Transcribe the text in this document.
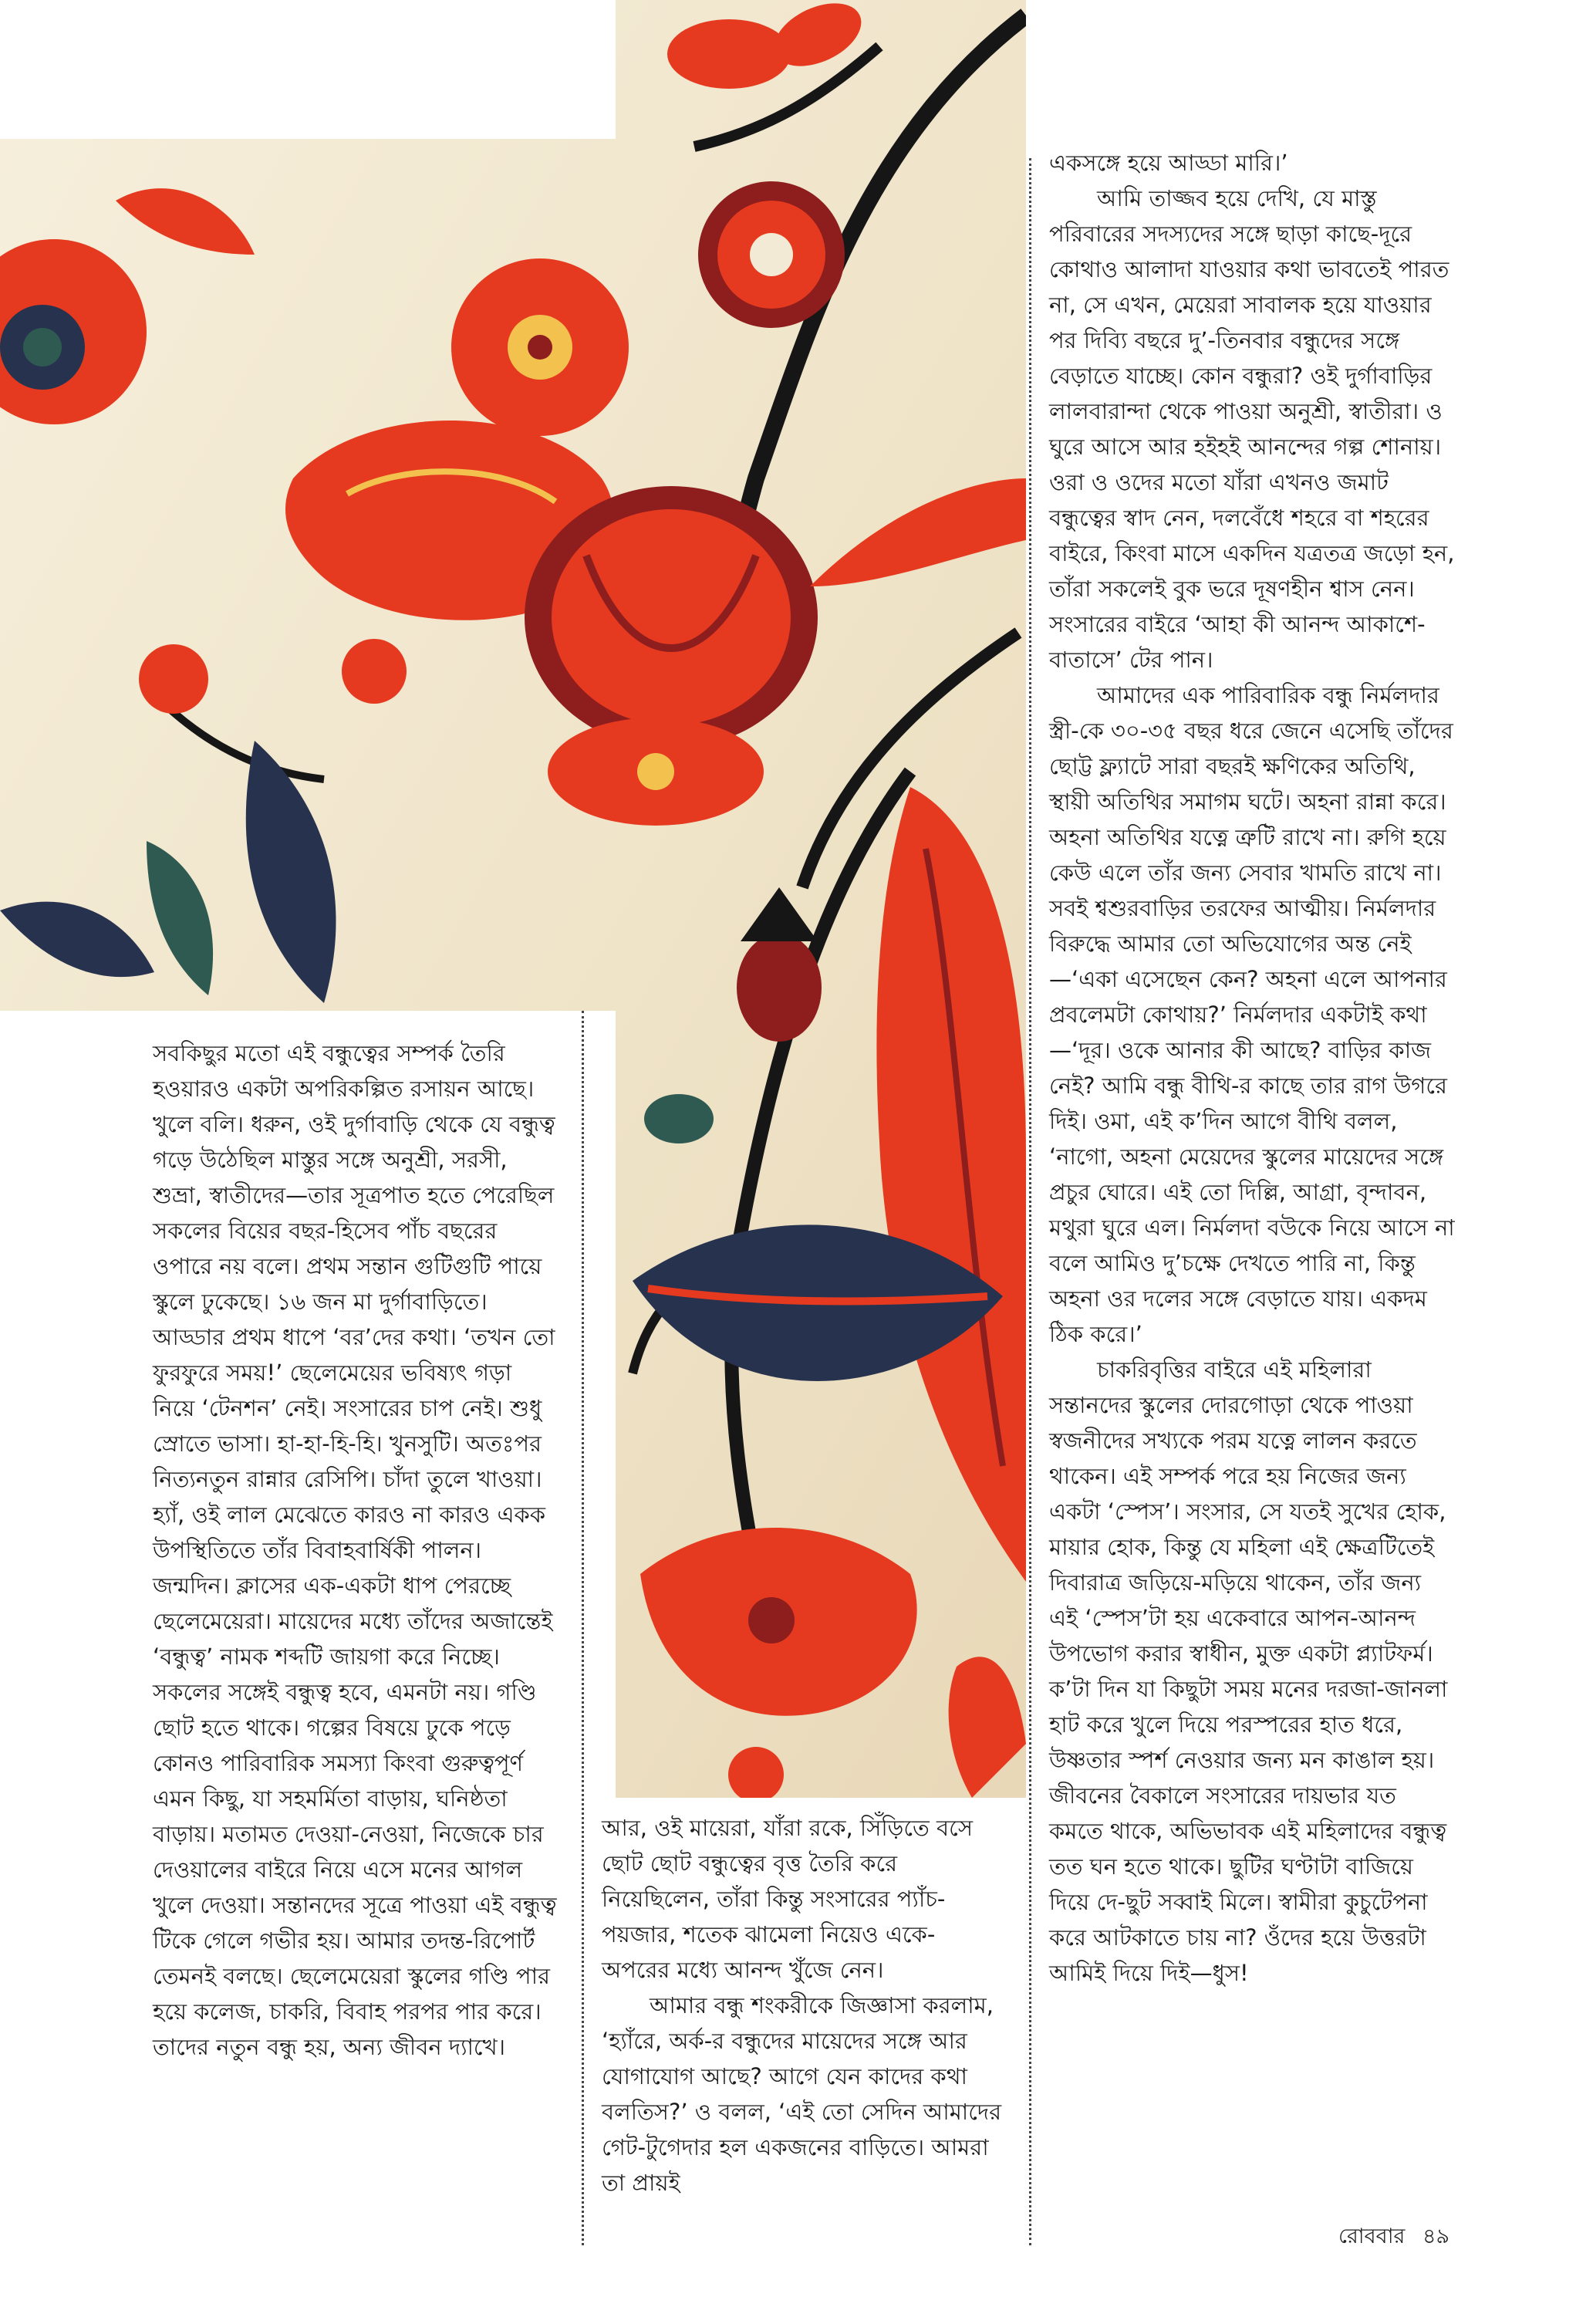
সবকিছুর মতো এই বন্ধুত্বের সম্পর্ক তৈরি হওয়ারও একটা অপরিকল্পিত রসায়ন আছে। খুলে বলি। ধরুন, ওই দুর্গাবাড়ি থেকে যে বন্ধুত্ব গড়ে উঠেছিল মাস্তুর সঙ্গে অনুশ্রী, সরসী, শুভ্রা, স্বাতীদের—তার সূত্রপাত হতে পেরেছিল সকলের বিয়ের বছর-হিসেব পাঁচ বছরের ওপারে নয় বলে। প্রথম সন্তান গুটিগুটি পায়ে স্কুলে ঢুকেছে। ১৬ জন মা দুর্গাবাড়িতে। আড্ডার প্রথম ধাপে ‘বর’দের কথা। ‘তখন তো ফুরফুরে সময়!’ ছেলেমেয়ের ভবিষ্যৎ গড়া নিয়ে ‘টেনশন’ নেই। সংসারের চাপ নেই। শুধু স্রোতে ভাসা। হা-হা-হি-হি। খুনসুটি। অতঃপর নিত্যনতুন রান্নার রেসিপি। চাঁদা তুলে খাওয়া। হ্যাঁ, ওই লাল মেঝেতে কারও না কারও একক উপস্থিতিতে তাঁর বিবাহবার্ষিকী পালন। জন্মদিন। ক্লাসের এক-একটা ধাপ পেরচ্ছে ছেলেমেয়েরা। মায়েদের মধ্যে তাঁদের অজান্তেই ‘বন্ধুত্ব’ নামক শব্দটি জায়গা করে নিচ্ছে। সকলের সঙ্গেই বন্ধুত্ব হবে, এমনটা নয়। গণ্ডি ছোট হতে থাকে। গল্পের বিষয়ে ঢুকে পড়ে কোনও পারিবারিক সমস্যা কিংবা গুরুত্বপূর্ণ এমন কিছু, যা সহমর্মিতা বাড়ায়, ঘনিষ্ঠতা বাড়ায়। মতামত দেওয়া-নেওয়া, নিজেকে চার দেওয়ালের বাইরে নিয়ে এসে মনের আগল খুলে দেওয়া। সন্তানদের সূত্রে পাওয়া এই বন্ধুত্ব টিকে গেলে গভীর হয়। আমার তদন্ত-রিপোর্ট তেমনই বলছে। ছেলেমেয়েরা স্কুলের গণ্ডি পার হয়ে কলেজ, চাকরি, বিবাহ পরপর পার করে। তাদের নতুন বন্ধু হয়, অন্য জীবন দ্যাখে।

আর, ওই মায়েরা, যাঁরা রকে, সিঁড়িতে বসে ছোট ছোট বন্ধুত্বের বৃত্ত তৈরি করে নিয়েছিলেন, তাঁরা কিন্তু সংসারের প্যাঁচ-পয়জার, শতেক ঝামেলা নিয়েও একে-অপরের মধ্যে আনন্দ খুঁজে নেন।

আমার বন্ধু শংকরীকে জিজ্ঞাসা করলাম, ‘হ্যাঁরে, অর্ক-র বন্ধুদের মায়েদের সঙ্গে আর যোগাযোগ আছে? আগে যেন কাদের কথা বলতিস?’ ও বলল, ‘এই তো সেদিন আমাদের গেট-টুগেদার হল একজনের বাড়িতে। আমরা তা প্রায়ই

একসঙ্গে হয়ে আড্ডা মারি।’

আমি তাজ্জব হয়ে দেখি, যে মাস্তু পরিবারের সদস্যদের সঙ্গে ছাড়া কাছে-দূরে কোথাও আলাদা যাওয়ার কথা ভাবতেই পারত না, সে এখন, মেয়েরা সাবালক হয়ে যাওয়ার পর দিব্যি বছরে দু’-তিনবার বন্ধুদের সঙ্গে বেড়াতে যাচ্ছে। কোন বন্ধুরা? ওই দুর্গাবাড়ির লালবারান্দা থেকে পাওয়া অনুশ্রী, স্বাতীরা। ও ঘুরে আসে আর হইহই আনন্দের গল্প শোনায়। ওরা ও ওদের মতো যাঁরা এখনও জমাট বন্ধুত্বের স্বাদ নেন, দলবেঁধে শহরে বা শহরের বাইরে, কিংবা মাসে একদিন যত্রতত্র জড়ো হন, তাঁরা সকলেই বুক ভরে দূষণহীন শ্বাস নেন। সংসারের বাইরে ‘আহা কী আনন্দ আকাশে-বাতাসে’ টের পান।

আমাদের এক পারিবারিক বন্ধু নির্মলদার স্ত্রী-কে ৩০-৩৫ বছর ধরে জেনে এসেছি তাঁদের ছোট্ট ফ্ল্যাটে সারা বছরই ক্ষণিকের অতিথি, স্থায়ী অতিথির সমাগম ঘটে। অহনা রান্না করে। অহনা অতিথির যত্নে ত্রুটি রাখে না। রুগি হয়ে কেউ এলে তাঁর জন্য সেবার খামতি রাখে না। সবই শ্বশুরবাড়ির তরফের আত্মীয়। নির্মলদার বিরুদ্ধে আমার তো অভিযোগের অন্ত নেই—‘একা এসেছেন কেন? অহনা এলে আপনার প্রবলেমটা কোথায়?’ নির্মলদার একটাই কথা—‘দূর। ওকে আনার কী আছে? বাড়ির কাজ নেই? আমি বন্ধু বীথি-র কাছে তার রাগ উগরে দিই। ওমা, এই ক’দিন আগে বীথি বলল, ‘নাগো, অহনা মেয়েদের স্কুলের মায়েদের সঙ্গে প্রচুর ঘোরে। এই তো দিল্লি, আগ্রা, বৃন্দাবন, মথুরা ঘুরে এল। নির্মলদা বউকে নিয়ে আসে না বলে আমিও দু’চক্ষে দেখতে পারি না, কিন্তু অহনা ওর দলের সঙ্গে বেড়াতে যায়। একদম ঠিক করে।’

চাকরিবৃত্তির বাইরে এই মহিলারা সন্তানদের স্কুলের দোরগোড়া থেকে পাওয়া স্বজনীদের সখ্যকে পরম যত্নে লালন করতে থাকেন। এই সম্পর্ক পরে হয় নিজের জন্য একটা ‘স্পেস’। সংসার, সে যতই সুখের হোক, মায়ার হোক, কিন্তু যে মহিলা এই ক্ষেত্রটিতেই দিবারাত্র জড়িয়ে-মড়িয়ে থাকেন, তাঁর জন্য এই ‘স্পেস’টা হয় একেবারে আপন-আনন্দ উপভোগ করার স্বাধীন, মুক্ত একটা প্ল্যাটফর্ম। ক’টা দিন যা কিছুটা সময় মনের দরজা-জানলা হাট করে খুলে দিয়ে পরস্পরের হাত ধরে, উষ্ণতার স্পর্শ নেওয়ার জন্য মন কাঙাল হয়। জীবনের বৈকালে সংসারের দায়ভার যত কমতে থাকে, অভিভাবক এই মহিলাদের বন্ধুত্ব তত ঘন হতে থাকে। ছুটির ঘণ্টাটা বাজিয়ে দিয়ে দে-ছুট সব্বাই মিলে। স্বামীরা কুচুটেপনা করে আটকাতে চায় না? ওঁদের হয়ে উত্তরটা আমিই দিয়ে দিই—ধুস!

রোববার ৪৯
